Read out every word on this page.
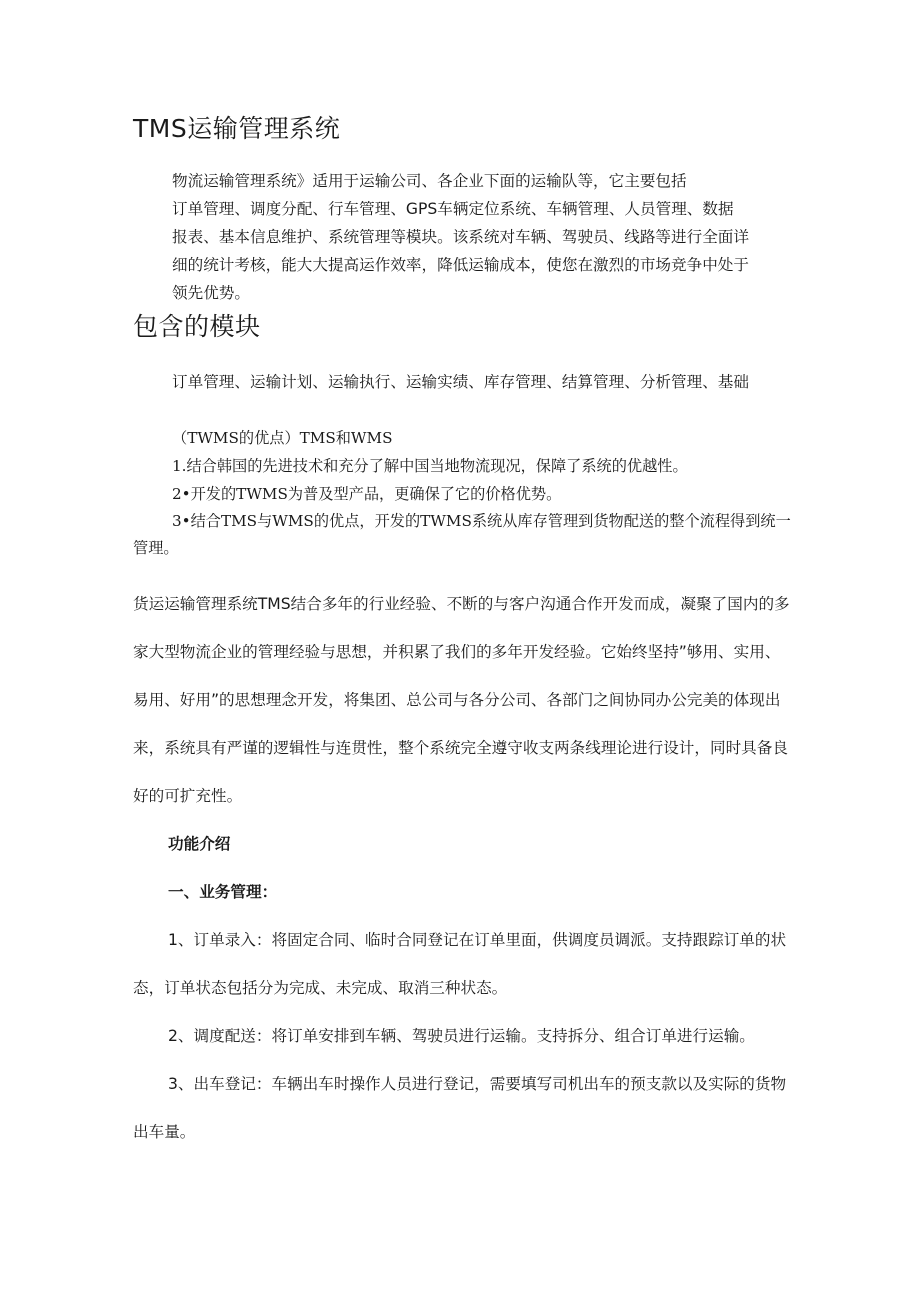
TMS运输管理系统

物流运输管理系统》适用于运输公司、各企业下面的运输队等，它主要包括

订单管理、调度分配、行车管理、GPS车辆定位系统、车辆管理、人员管理、数据

报表、基本信息维护、系统管理等模块。该系统对车辆、驾驶员、线路等进行全面详

细的统计考核，能大大提高运作效率，降低运输成本，使您在激烈的市场竞争中处于

领先优势。

包含的模块

订单管理、运输计划、运输执行、运输实绩、库存管理、结算管理、分析管理、基础

（TWMS的优点）TMS和WMS

1.结合韩国的先进技术和充分了解中国当地物流现况，保障了系统的优越性。

2•开发的TWMS为普及型产品，更确保了它的价格优势。

3•结合TMS与WMS的优点，开发的TWMS系统从库存管理到货物配送的整个流程得到统一

管理。

货运运输管理系统TMS结合多年的行业经验、不断的与客户沟通合作开发而成，凝聚了国内的多

家大型物流企业的管理经验与思想，并积累了我们的多年开发经验。它始终坚持”够用、实用、

易用、好用”的思想理念开发，将集团、总公司与各分公司、各部门之间协同办公完美的体现出

来，系统具有严谨的逻辑性与连贯性，整个系统完全遵守收支两条线理论进行设计，同时具备良

好的可扩充性。

功能介绍

一、业务管理：

1、订单录入：将固定合同、临时合同登记在订单里面，供调度员调派。支持跟踪订单的状

态，订单状态包括分为完成、未完成、取消三种状态。

2、调度配送：将订单安排到车辆、驾驶员进行运输。支持拆分、组合订单进行运输。

3、出车登记：车辆出车时操作人员进行登记，需要填写司机出车的预支款以及实际的货物

出车量。
